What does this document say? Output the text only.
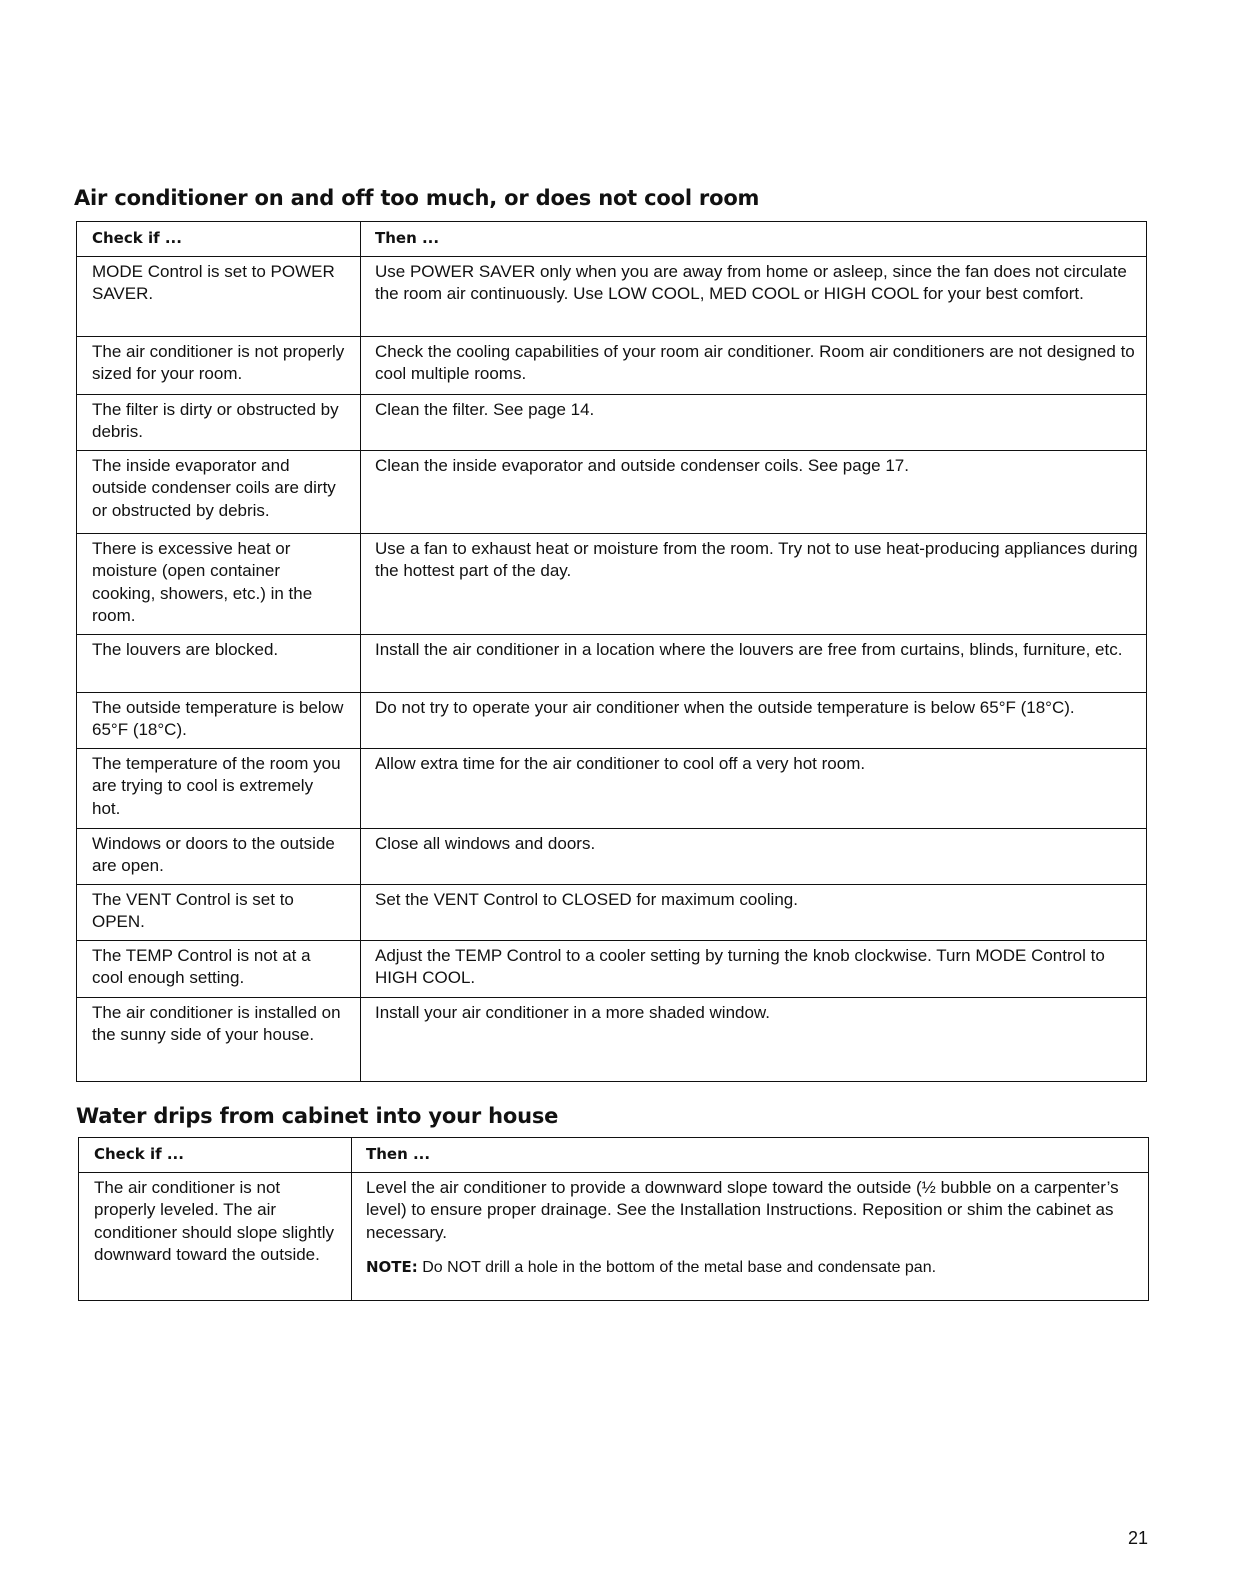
Air conditioner on and off too much, or does not cool room
Check if ...	Then ...
MODE Control is set to POWER SAVER.	Use POWER SAVER only when you are away from home or asleep, since the fan does not circulate the room air continuously. Use LOW COOL, MED COOL or HIGH COOL for your best comfort.
The air conditioner is not properly sized for your room.	Check the cooling capabilities of your room air conditioner. Room air conditioners are not designed to cool multiple rooms.
The filter is dirty or obstructed by debris.	Clean the filter. See page 14.
The inside evaporator and outside condenser coils are dirty or obstructed by debris.	Clean the inside evaporator and outside condenser coils. See page 17.
There is excessive heat or moisture (open container cooking, showers, etc.) in the room.	Use a fan to exhaust heat or moisture from the room. Try not to use heat-producing appliances during the hottest part of the day.
The louvers are blocked.	Install the air conditioner in a location where the louvers are free from curtains, blinds, furniture, etc.
The outside temperature is below 65°F (18°C).	Do not try to operate your air conditioner when the outside temperature is below 65°F (18°C).
The temperature of the room you are trying to cool is extremely hot.	Allow extra time for the air conditioner to cool off a very hot room.
Windows or doors to the outside are open.	Close all windows and doors.
The VENT Control is set to OPEN.	Set the VENT Control to CLOSED for maximum cooling.
The TEMP Control is not at a cool enough setting.	Adjust the TEMP Control to a cooler setting by turning the knob clockwise. Turn MODE Control to HIGH COOL.
The air conditioner is installed on the sunny side of your house.	Install your air conditioner in a more shaded window.
Water drips from cabinet into your house
Check if ...	Then ...
The air conditioner is not properly leveled. The air conditioner should slope slightly downward toward the outside.	Level the air conditioner to provide a downward slope toward the outside (½ bubble on a carpenter’s level) to ensure proper drainage. See the Installation Instructions. Reposition or shim the cabinet as necessary.
NOTE: Do NOT drill a hole in the bottom of the metal base and condensate pan.
21
